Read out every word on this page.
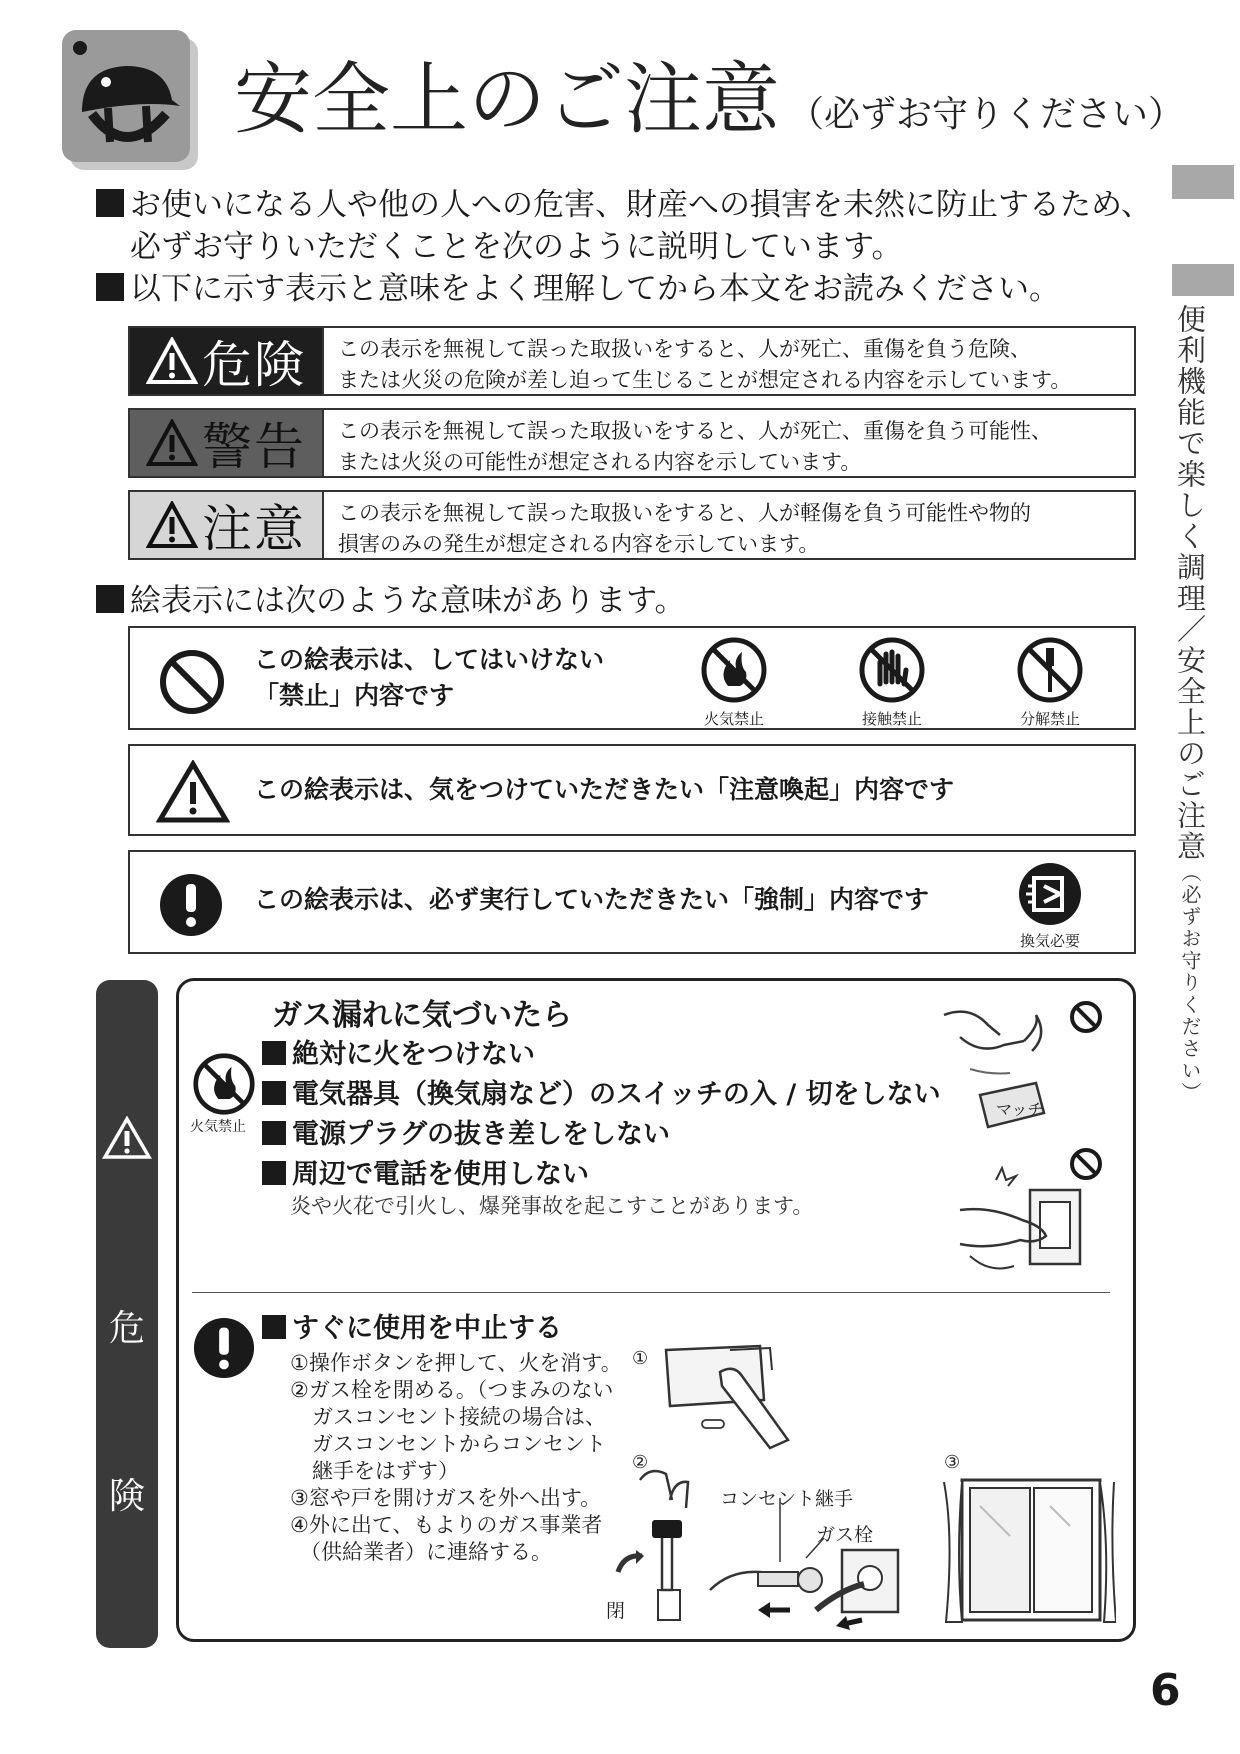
安全上のご注意 （必ずお守りください）
便利機能で楽しく調理／安全上のご注意（必ずお守りください）
お使いになる人や他の人への危害、財産への損害を未然に防止するため、
必ずお守りいただくことを次のように説明しています。
以下に示す表示と意味をよく理解してから本文をお読みください。
危険 この表示を無視して誤った取扱いをすると、人が死亡、重傷を負う危険、
または火災の危険が差し迫って生じることが想定される内容を示しています。
警告 この表示を無視して誤った取扱いをすると、人が死亡、重傷を負う可能性、
または火災の可能性が想定される内容を示しています。
注意 この表示を無視して誤った取扱いをすると、人が軽傷を負う可能性や物的
損害のみの発生が想定される内容を示しています。
絵表示には次のような意味があります。
この絵表示は、してはいけない
「禁止」内容です
火気禁止	接触禁止	分解禁止
この絵表示は、気をつけていただきたい「注意喚起」内容です
この絵表示は、必ず実行していただきたい「強制」内容です
換気必要
危
険
ガス漏れに気づいたら
火気禁止
絶対に火をつけない
電気器具（換気扇など）のスイッチの入 / 切をしない
電源プラグの抜き差しをしない
周辺で電話を使用しない
炎や火花で引火し、爆発事故を起こすことがあります。
マッチ
すぐに使用を中止する
①操作ボタンを押して、火を消す。
②ガス栓を閉める。（つまみのない
ガスコンセント接続の場合は、
ガスコンセントからコンセント
継手をはずす）
③窓や戸を開けガスを外へ出す。
④外に出て、もよりのガス事業者
（供給業者）に連絡する。
①
②	③
コンセント継手
ガス栓
閉
6
